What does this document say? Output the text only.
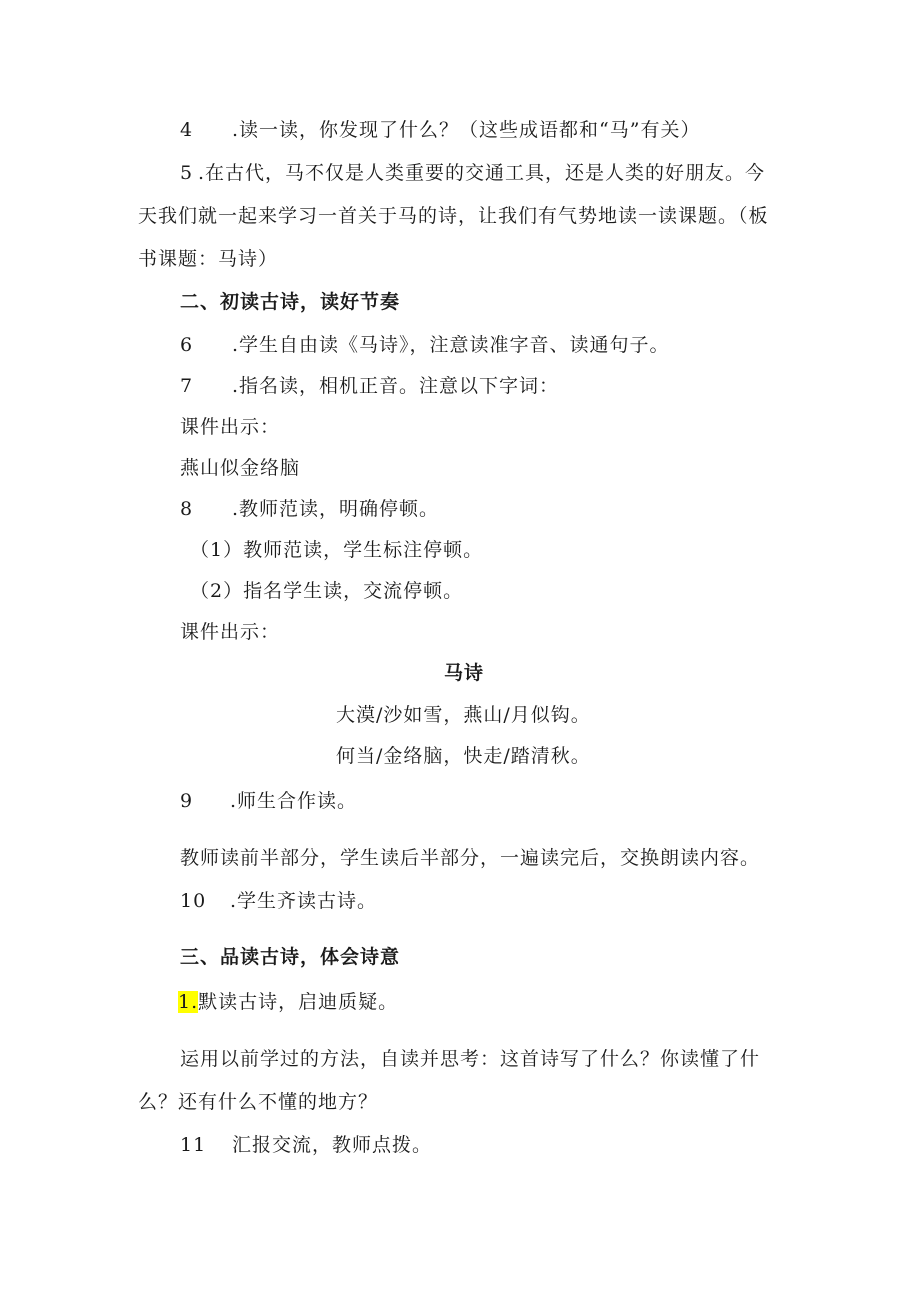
4 .读一读，你发现了什么？（这些成语都和“马”有关）
5 .在古代，马不仅是人类重要的交通工具，还是人类的好朋友。今
天我们就一起来学习一首关于马的诗，让我们有气势地读一读课题。（板
书课题：马诗）
二、初读古诗，读好节奏
6 .学生自由读《马诗》，注意读准字音、读通句子。
7 .指名读，相机正音。注意以下字词：
课件出示：
燕山似金络脑
8 .教师范读，明确停顿。
（1）教师范读，学生标注停顿。
（2）指名学生读，交流停顿。
课件出示：
马诗
大漠/沙如雪，燕山/月似钩。
何当/金络脑，快走/踏清秋。
9 .师生合作读。
教师读前半部分，学生读后半部分，一遍读完后，交换朗读内容。
10 .学生齐读古诗。
三、品读古诗，体会诗意
1.默读古诗，启迪质疑。
运用以前学过的方法，自读并思考：这首诗写了什么？你读懂了什
么？还有什么不懂的地方？
11 汇报交流，教师点拨。
